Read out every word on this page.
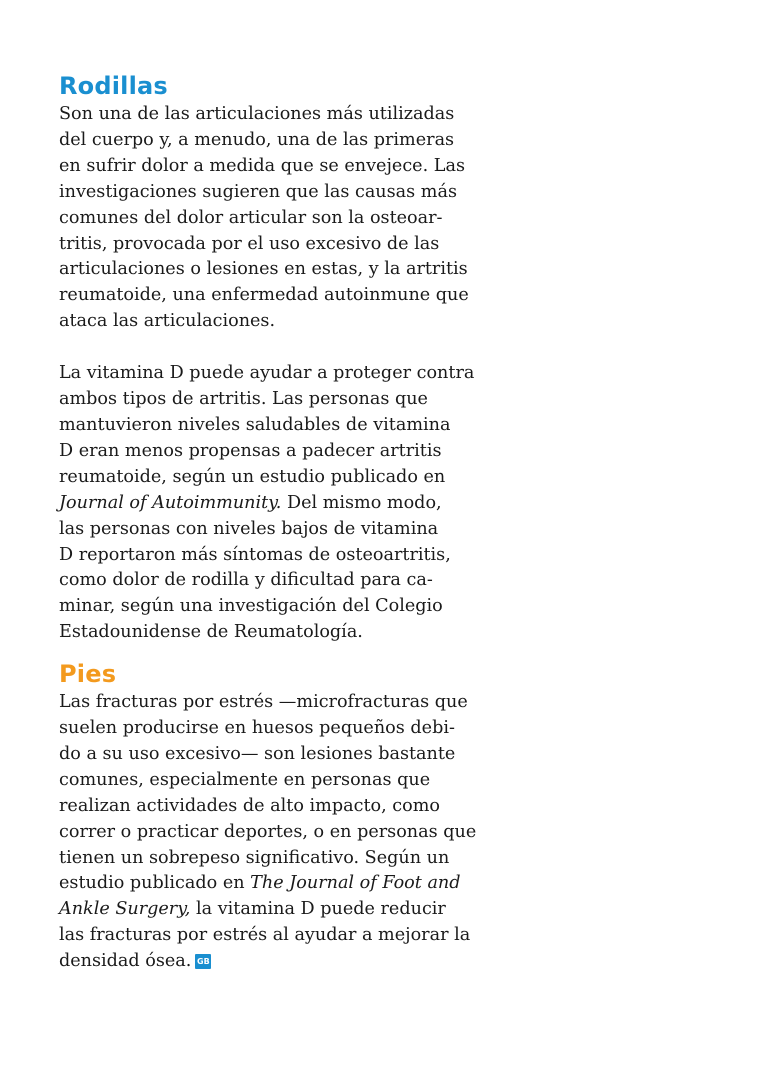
Rodillas

Son una de las articulaciones más utilizadas
del cuerpo y, a menudo, una de las primeras
en sufrir dolor a medida que se envejece. Las
investigaciones sugieren que las causas más
comunes del dolor articular son la osteoar-
tritis, provocada por el uso excesivo de las
articulaciones o lesiones en estas, y la artritis
reumatoide, una enfermedad autoinmune que
ataca las articulaciones.

La vitamina D puede ayudar a proteger contra
ambos tipos de artritis. Las personas que
mantuvieron niveles saludables de vitamina
D eran menos propensas a padecer artritis
reumatoide, según un estudio publicado en
Journal of Autoimmunity. Del mismo modo,
las personas con niveles bajos de vitamina
D reportaron más síntomas de osteoartritis,
como dolor de rodilla y dificultad para ca-
minar, según una investigación del Colegio
Estadounidense de Reumatología.

Pies

Las fracturas por estrés —microfracturas que
suelen producirse en huesos pequeños debi-
do a su uso excesivo— son lesiones bastante
comunes, especialmente en personas que
realizan actividades de alto impacto, como
correr o practicar deportes, o en personas que
tienen un sobrepeso significativo. Según un
estudio publicado en The Journal of Foot and
Ankle Surgery, la vitamina D puede reducir
las fracturas por estrés al ayudar a mejorar la
densidad ósea. GB
